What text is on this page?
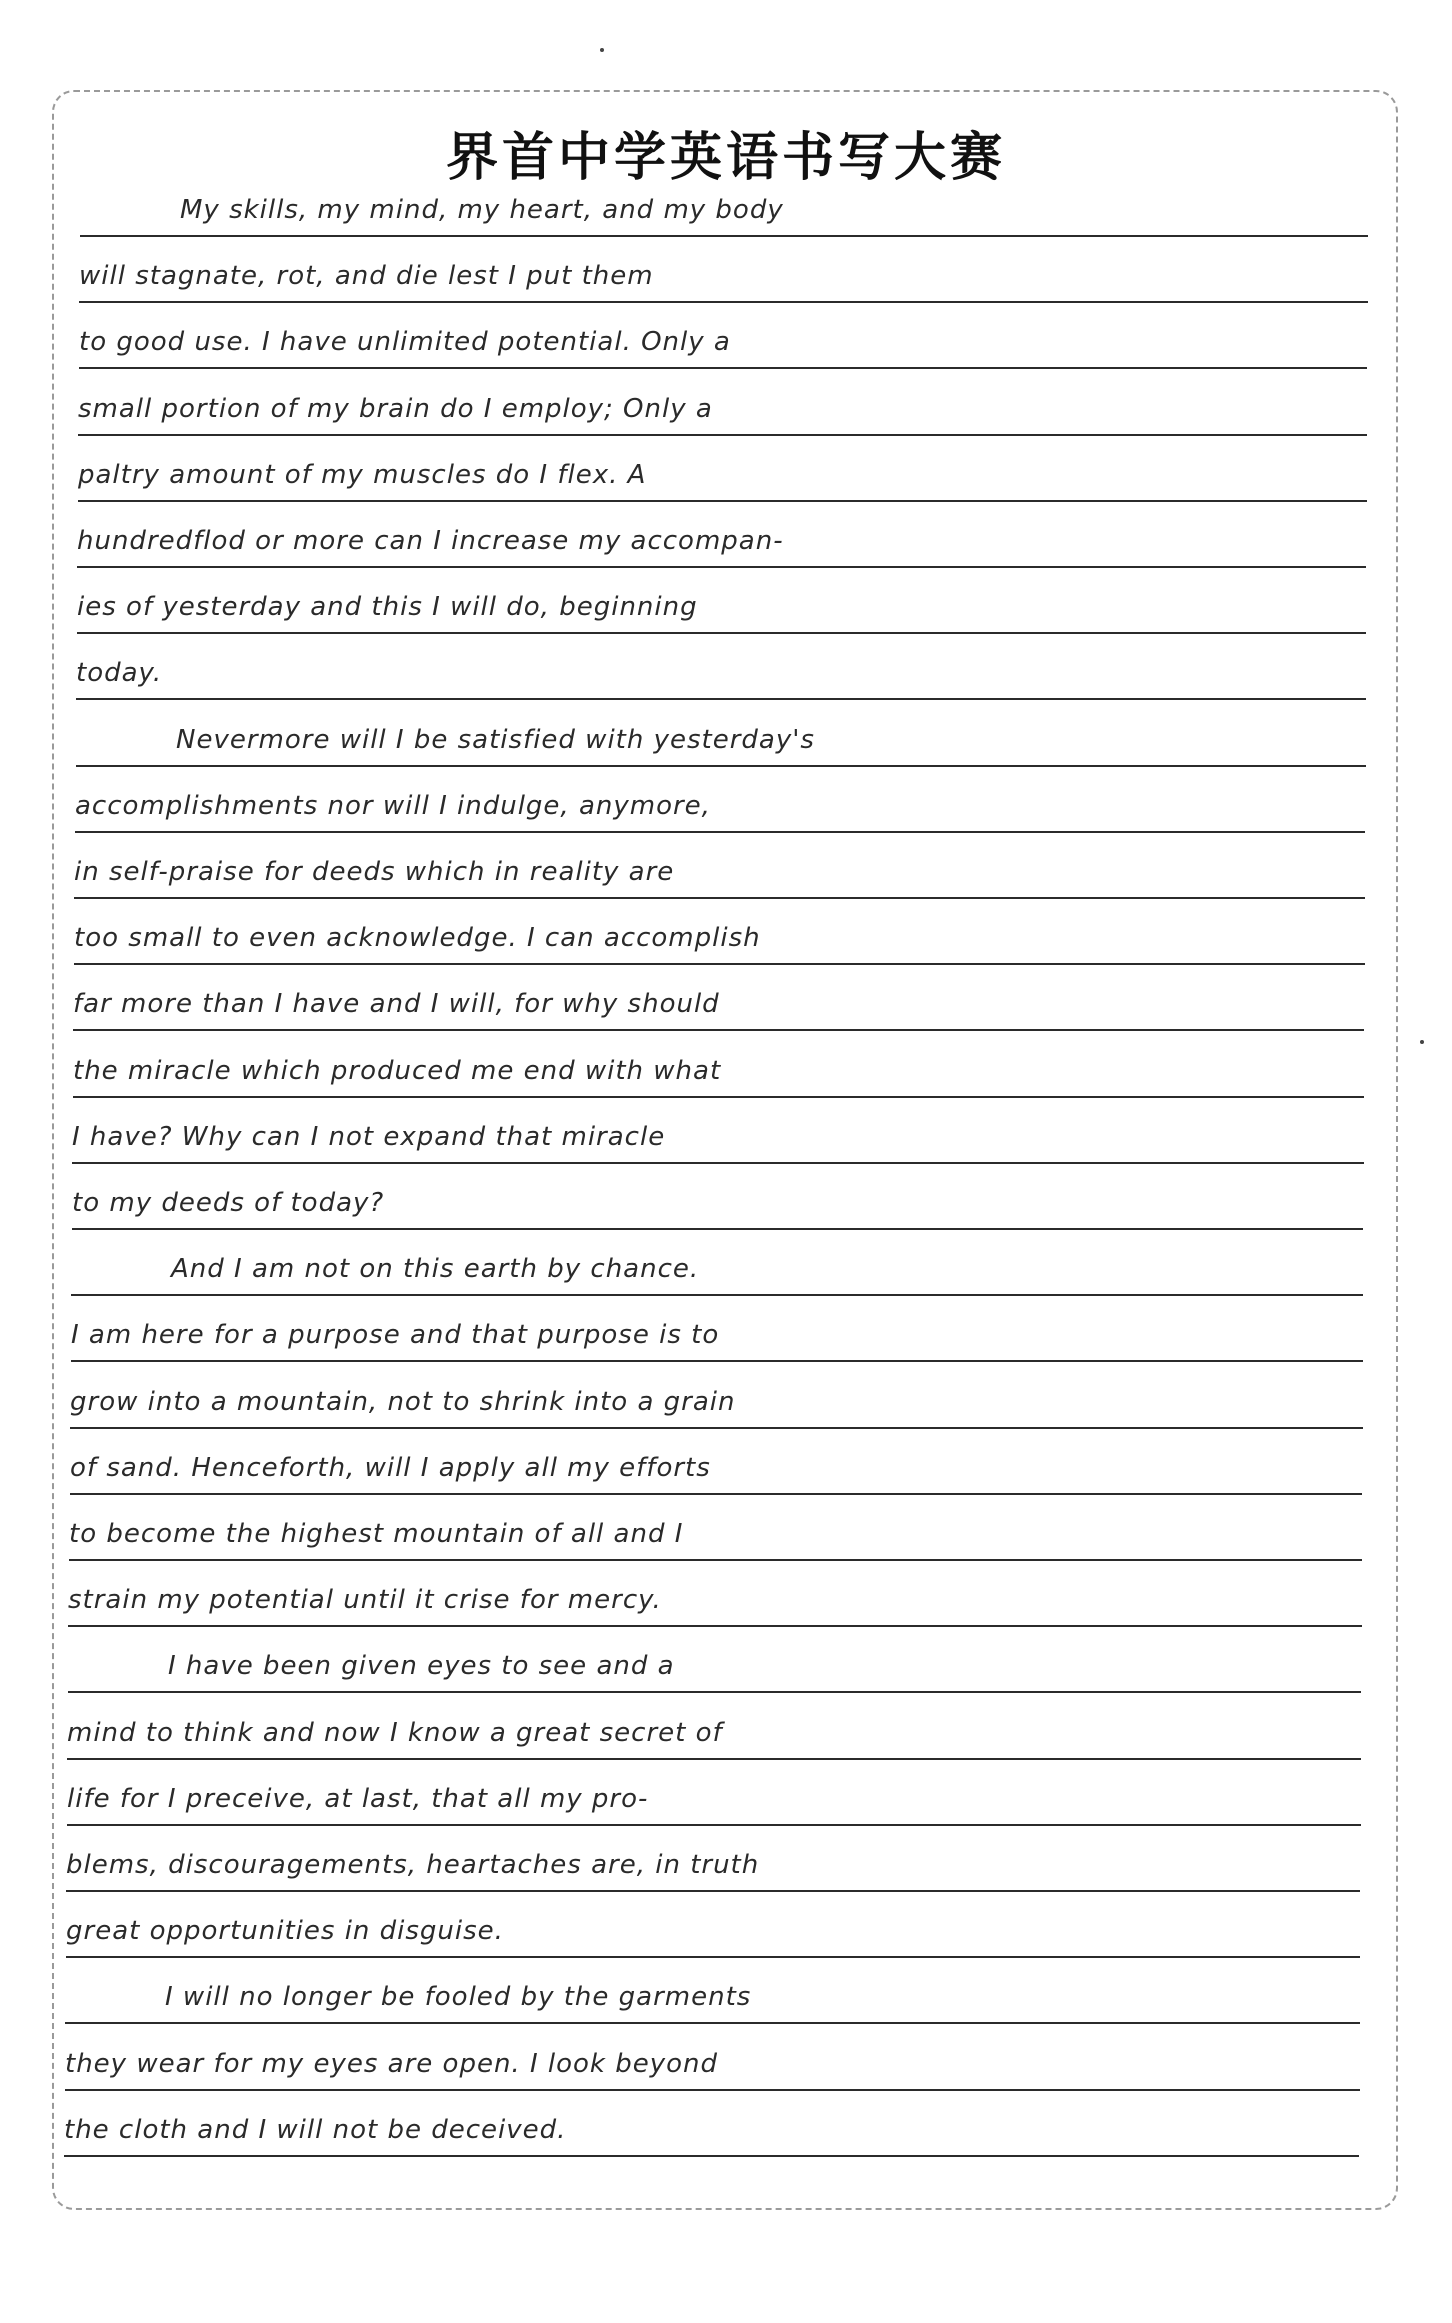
界首中学英语书写大赛
My skills, my mind, my heart, and my body
will stagnate, rot, and die lest I put them
to good use. I have unlimited potential. Only a
small portion of my brain do I employ; Only a
paltry amount of my muscles do I flex. A
hundredflod or more can I increase my accompan-
ies of yesterday and this I will do, beginning
today.
Nevermore will I be satisfied with yesterday's
accomplishments nor will I indulge, anymore,
in self-praise for deeds which in reality are
too small to even acknowledge. I can accomplish
far more than I have and I will, for why should
the miracle which produced me end with what
I have? Why can I not expand that miracle
to my deeds of today?
And I am not on this earth by chance.
I am here for a purpose and that purpose is to
grow into a mountain, not to shrink into a grain
of sand. Henceforth, will I apply all my efforts
to become the highest mountain of all and I
strain my potential until it crise for mercy.
I have been given eyes to see and a
mind to think and now I know a great secret of
life for I preceive, at last, that all my pro-
blems, discouragements, heartaches are, in truth
great opportunities in disguise.
I will no longer be fooled by the garments
they wear for my eyes are open. I look beyond
the cloth and I will not be deceived.
